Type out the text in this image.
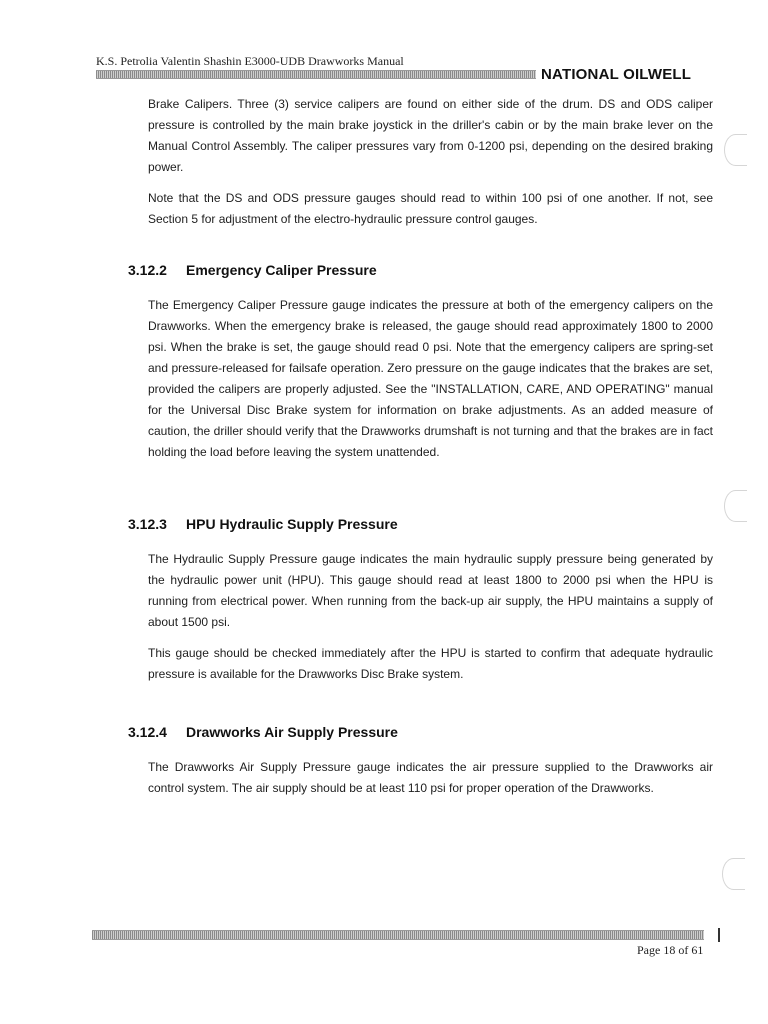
K.S. Petrolia Valentin Shashin E3000-UDB Drawworks Manual
NATIONAL OILWELL

Brake Calipers. Three (3) service calipers are found on either side of the drum. DS and ODS caliper pressure is controlled by the main brake joystick in the driller's cabin or by the main brake lever on the Manual Control Assembly. The caliper pressures vary from 0-1200 psi, depending on the desired braking power.

Note that the DS and ODS pressure gauges should read to within 100 psi of one another. If not, see Section 5 for adjustment of the electro-hydraulic pressure control gauges.

3.12.2 Emergency Caliper Pressure

The Emergency Caliper Pressure gauge indicates the pressure at both of the emergency calipers on the Drawworks. When the emergency brake is released, the gauge should read approximately 1800 to 2000 psi. When the brake is set, the gauge should read 0 psi. Note that the emergency calipers are spring-set and pressure-released for failsafe operation. Zero pressure on the gauge indicates that the brakes are set, provided the calipers are properly adjusted. See the "INSTALLATION, CARE, AND OPERATING" manual for the Universal Disc Brake system for information on brake adjustments. As an added measure of caution, the driller should verify that the Drawworks drumshaft is not turning and that the brakes are in fact holding the load before leaving the system unattended.

3.12.3 HPU Hydraulic Supply Pressure

The Hydraulic Supply Pressure gauge indicates the main hydraulic supply pressure being generated by the hydraulic power unit (HPU). This gauge should read at least 1800 to 2000 psi when the HPU is running from electrical power. When running from the back-up air supply, the HPU maintains a supply of about 1500 psi.

This gauge should be checked immediately after the HPU is started to confirm that adequate hydraulic pressure is available for the Drawworks Disc Brake system.

3.12.4 Drawworks Air Supply Pressure

The Drawworks Air Supply Pressure gauge indicates the air pressure supplied to the Drawworks air control system. The air supply should be at least 110 psi for proper operation of the Drawworks.

Page 18 of 61
